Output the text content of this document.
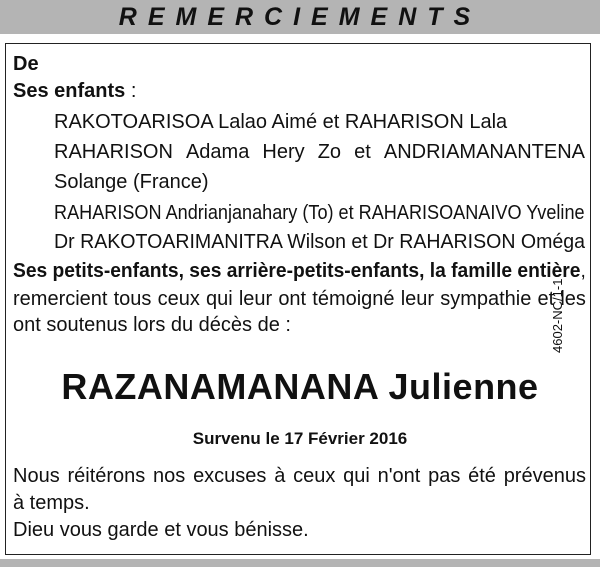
REMERCIEMENTS
De
Ses enfants :
RAKOTOARISOA Lalao Aimé et RAHARISON Lala
RAHARISON Adama Hery Zo et ANDRIAMANANTENA
Solange (France)
RAHARISON Andrianjanahary (To) et RAHARISOANAIVO Yveline
Dr RAKOTOARIMANITRA Wilson et Dr RAHARISON Oméga
Ses petits-enfants, ses arrière-petits-enfants, la famille entière,
remercient tous ceux qui leur ont témoigné leur sympathie et les
ont soutenus lors du décès de :	4602-NC/1-1
RAZANAMANANA Julienne
Survenu le 17 Février 2016
Nous réitérons nos excuses à ceux qui n'ont pas été prévenus
à temps.
Dieu vous garde et vous bénisse.
